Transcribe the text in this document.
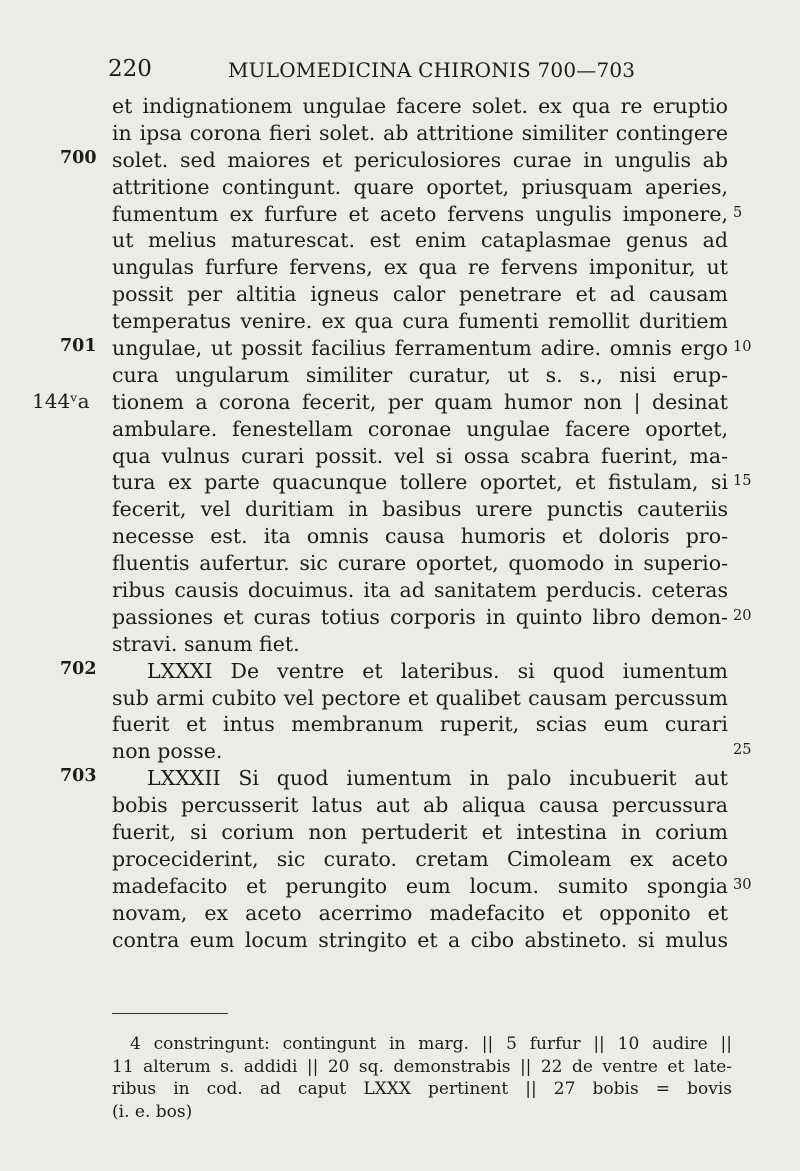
220	MULOMEDICINA CHIRONIS 700—703
et indignationem ungulae facere solet. ex qua re eruptio
in ipsa corona fieri solet. ab attritione similiter contingere
700 solet. sed maiores et periculosiores curae in ungulis ab
attritione contingunt. quare oportet, priusquam aperies,
fumentum ex furfure et aceto fervens ungulis imponere, 5
ut melius maturescat. est enim cataplasmae genus ad
ungulas furfure fervens, ex qua re fervens imponitur, ut
possit per altitia igneus calor penetrare et ad causam
temperatus venire. ex qua cura fumenti remollit duritiem
701 ungulae, ut possit facilius ferramentum adire. omnis ergo 10
cura ungularum similiter curatur, ut s. s., nisi erup-
144ᵛa tionem a corona fecerit, per quam humor non | desinat
ambulare. fenestellam coronae ungulae facere oportet,
qua vulnus curari possit. vel si ossa scabra fuerint, ma-
tura ex parte quacunque tollere oportet, et fistulam, si 15
fecerit, vel duritiam in basibus urere punctis cauteriis
necesse est. ita omnis causa humoris et doloris pro-
fluentis aufertur. sic curare oportet, quomodo in superio-
ribus causis docuimus. ita ad sanitatem perducis. ceteras
passiones et curas totius corporis in quinto libro demon- 20
stravi. sanum fiet.
702 LXXXI De ventre et lateribus. si quod iumentum
sub armi cubito vel pectore et qualibet causam percussum
fuerit et intus membranum ruperit, scias eum curari
non posse.	25
703 LXXXII Si quod iumentum in palo incubuerit aut
bobis percusserit latus aut ab aliqua causa percussura
fuerit, si corium non pertuderit et intestina in corium
procecid​erint, sic curato. cretam Cimoleam ex aceto
madefacito et perungito eum locum. sumito spongia 30
novam, ex aceto acerrimo madefacito et opponito et
contra eum locum stringito et a cibo abstineto. si mulus
4 constringunt: contingunt in marg. || 5 furfur || 10 audire ||
11 alterum s. addidi || 20 sq. demonstrabis || 22 de ventre et late-
ribus in cod. ad caput LXXX pertinent || 27 bobis = bovis
(i. e. bos)
